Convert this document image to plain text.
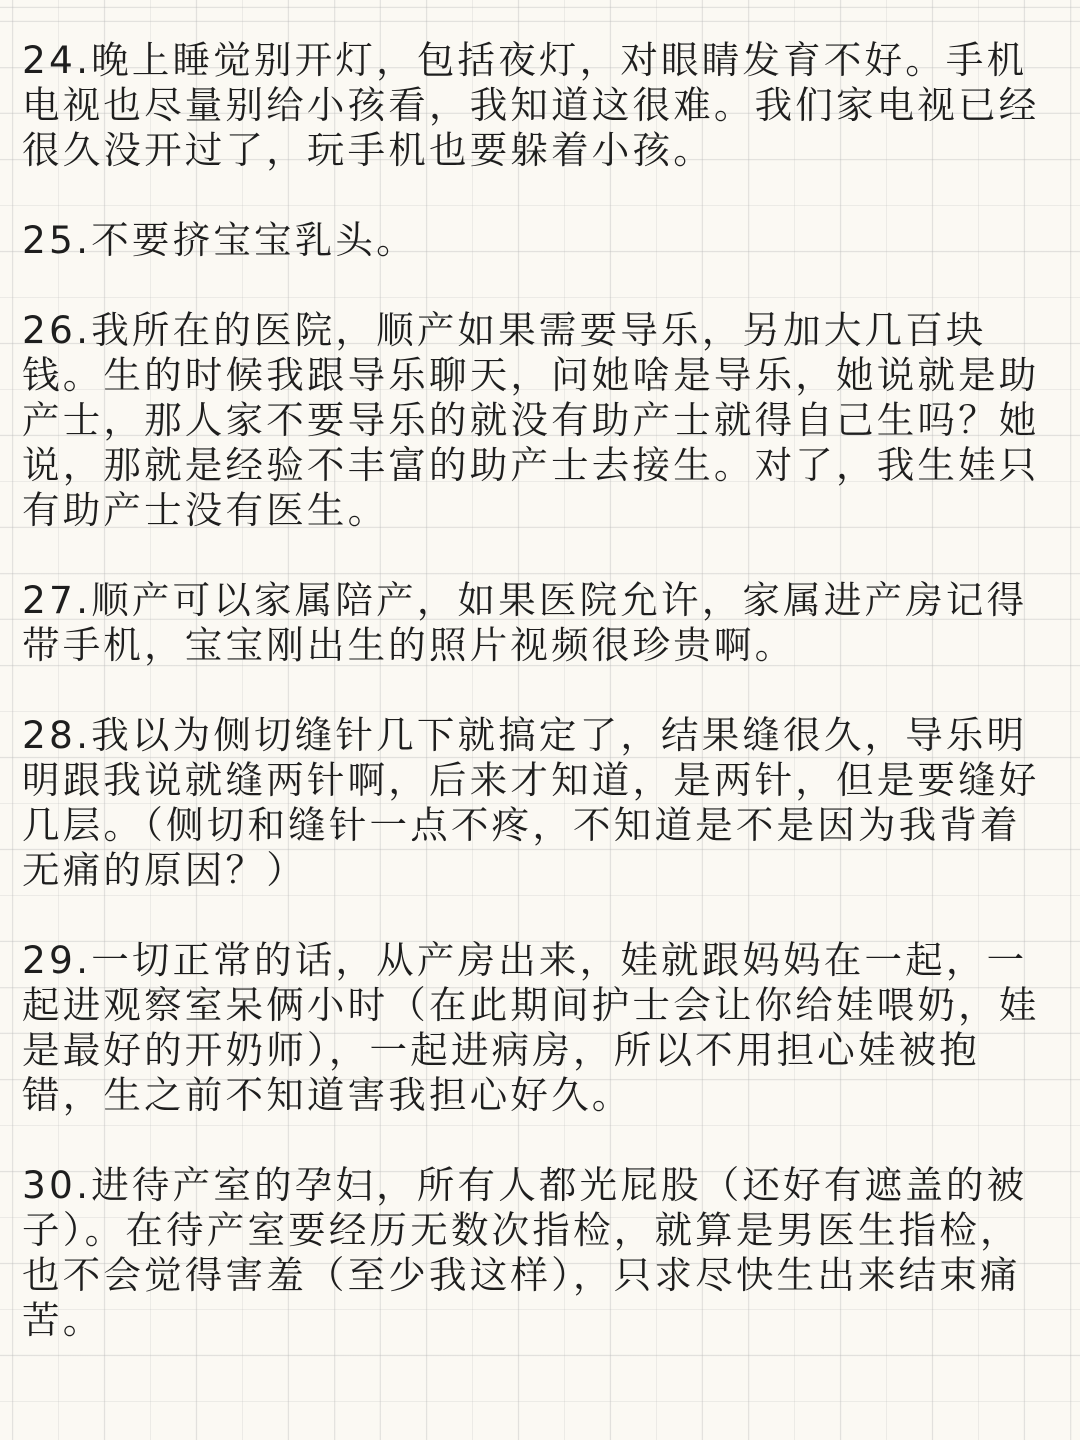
24.晚上睡觉别开灯，包括夜灯，对眼睛发育不好。手机电视也尽量别给小孩看，我知道这很难。我们家电视已经很久没开过了，玩手机也要躲着小孩。

25.不要挤宝宝乳头。

26.我所在的医院，顺产如果需要导乐，另加大几百块钱。生的时候我跟导乐聊天，问她啥是导乐，她说就是助产士，那人家不要导乐的就没有助产士就得自己生吗？她说，那就是经验不丰富的助产士去接生。对了，我生娃只有助产士没有医生。

27.顺产可以家属陪产，如果医院允许，家属进产房记得带手机，宝宝刚出生的照片视频很珍贵啊。

28.我以为侧切缝针几下就搞定了，结果缝很久，导乐明明跟我说就缝两针啊，后来才知道，是两针，但是要缝好几层。（侧切和缝针一点不疼，不知道是不是因为我背着无痛的原因？）

29.一切正常的话，从产房出来，娃就跟妈妈在一起，一起进观察室呆俩小时（在此期间护士会让你给娃喂奶，娃是最好的开奶师），一起进病房，所以不用担心娃被抱错，生之前不知道害我担心好久。

30.进待产室的孕妇，所有人都光屁股（还好有遮盖的被子）。在待产室要经历无数次指检，就算是男医生指检，也不会觉得害羞（至少我这样），只求尽快生出来结束痛苦。
